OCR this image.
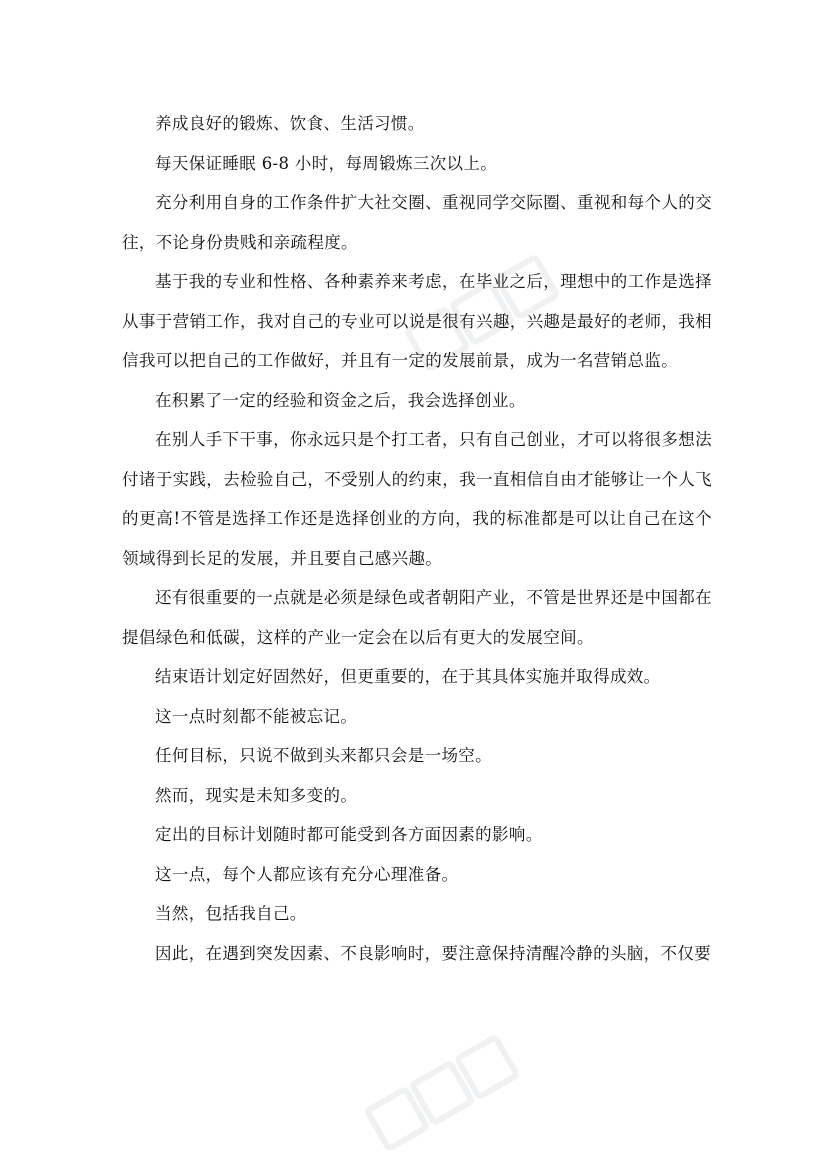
养成良好的锻炼、饮食、生活习惯。

每天保证睡眠 6-8 小时，每周锻炼三次以上。

充分利用自身的工作条件扩大社交圈、重视同学交际圈、重视和每个人的交往，不论身份贵贱和亲疏程度。

基于我的专业和性格、各种素养来考虑，在毕业之后，理想中的工作是选择从事于营销工作，我对自己的专业可以说是很有兴趣，兴趣是最好的老师，我相信我可以把自己的工作做好，并且有一定的发展前景，成为一名营销总监。

在积累了一定的经验和资金之后，我会选择创业。

在别人手下干事，你永远只是个打工者，只有自己创业，才可以将很多想法付诸于实践，去检验自己，不受别人的约束，我一直相信自由才能够让一个人飞的更高!不管是选择工作还是选择创业的方向，我的标准都是可以让自己在这个领域得到长足的发展，并且要自己感兴趣。

还有很重要的一点就是必须是绿色或者朝阳产业，不管是世界还是中国都在提倡绿色和低碳，这样的产业一定会在以后有更大的发展空间。

结束语计划定好固然好，但更重要的，在于其具体实施并取得成效。

这一点时刻都不能被忘记。

任何目标，只说不做到头来都只会是一场空。

然而，现实是未知多变的。

定出的目标计划随时都可能受到各方面因素的影响。

这一点，每个人都应该有充分心理准备。

当然，包括我自己。

因此，在遇到突发因素、不良影响时，要注意保持清醒冷静的头脑，不仅要
